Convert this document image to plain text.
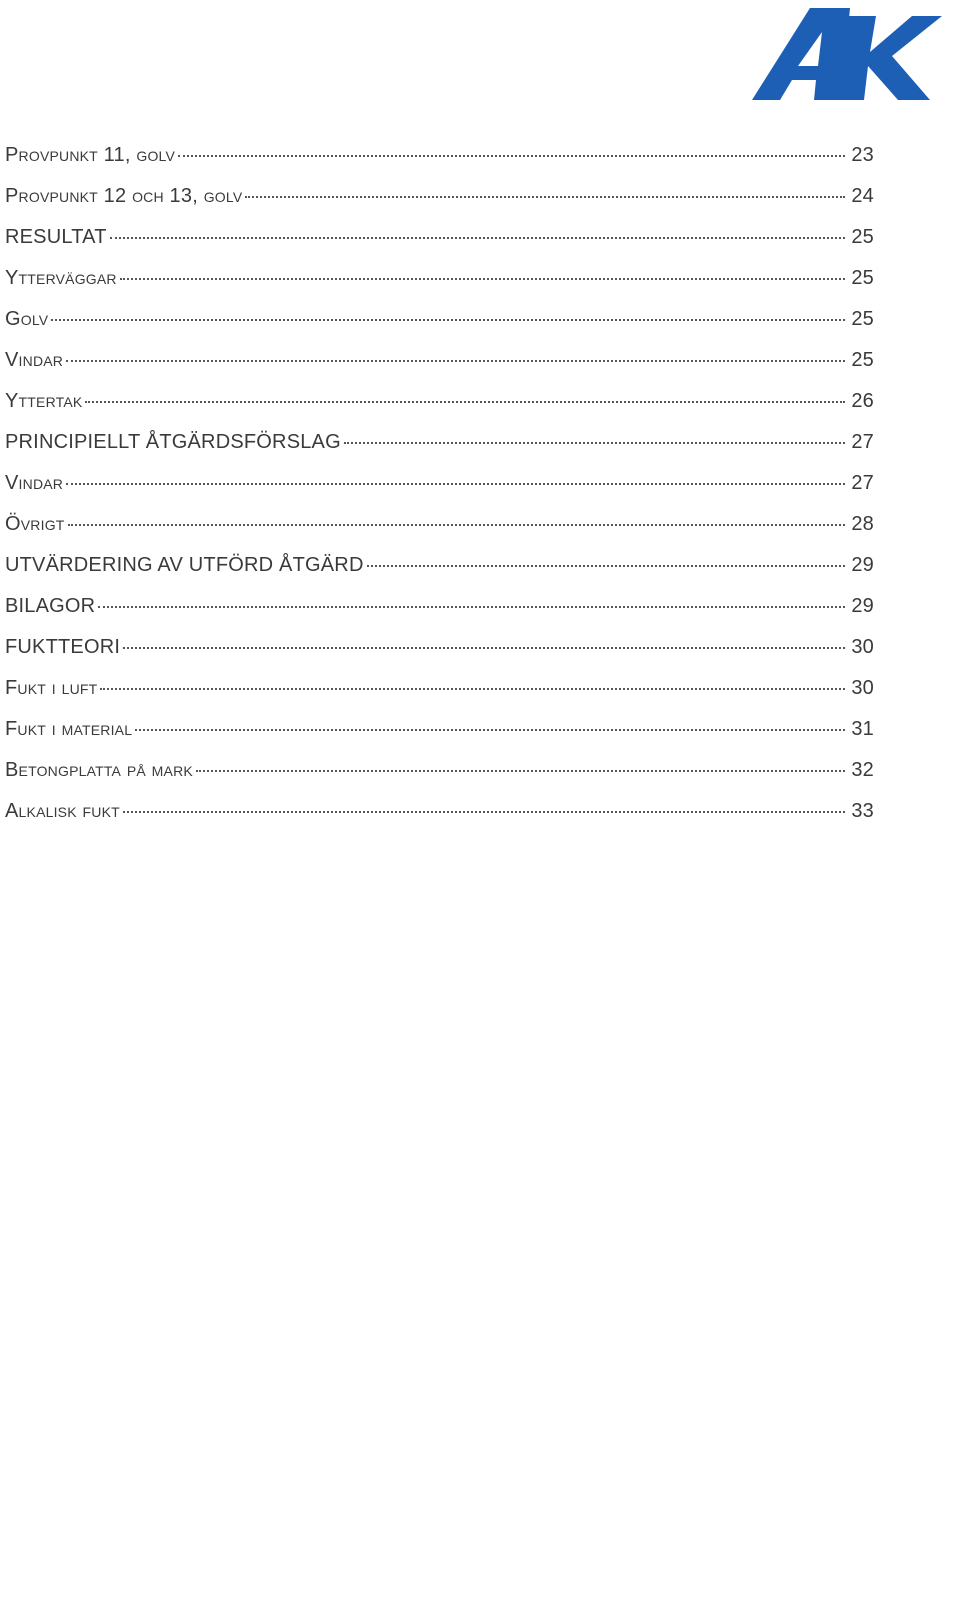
Provpunkt 11, golv	23
Provpunkt 12 och 13, golv	24
RESULTAT	25
Ytterväggar	25
Golv	25
Vindar	25
Yttertak	26
PRINCIPIELLT ÅTGÄRDSFÖRSLAG	27
Vindar	27
Övrigt	28
UTVÄRDERING AV UTFÖRD ÅTGÄRD	29
BILAGOR	29
FUKTTEORI	30
Fukt i luft	30
Fukt i material	31
Betongplatta på mark	32
Alkalisk fukt	33
